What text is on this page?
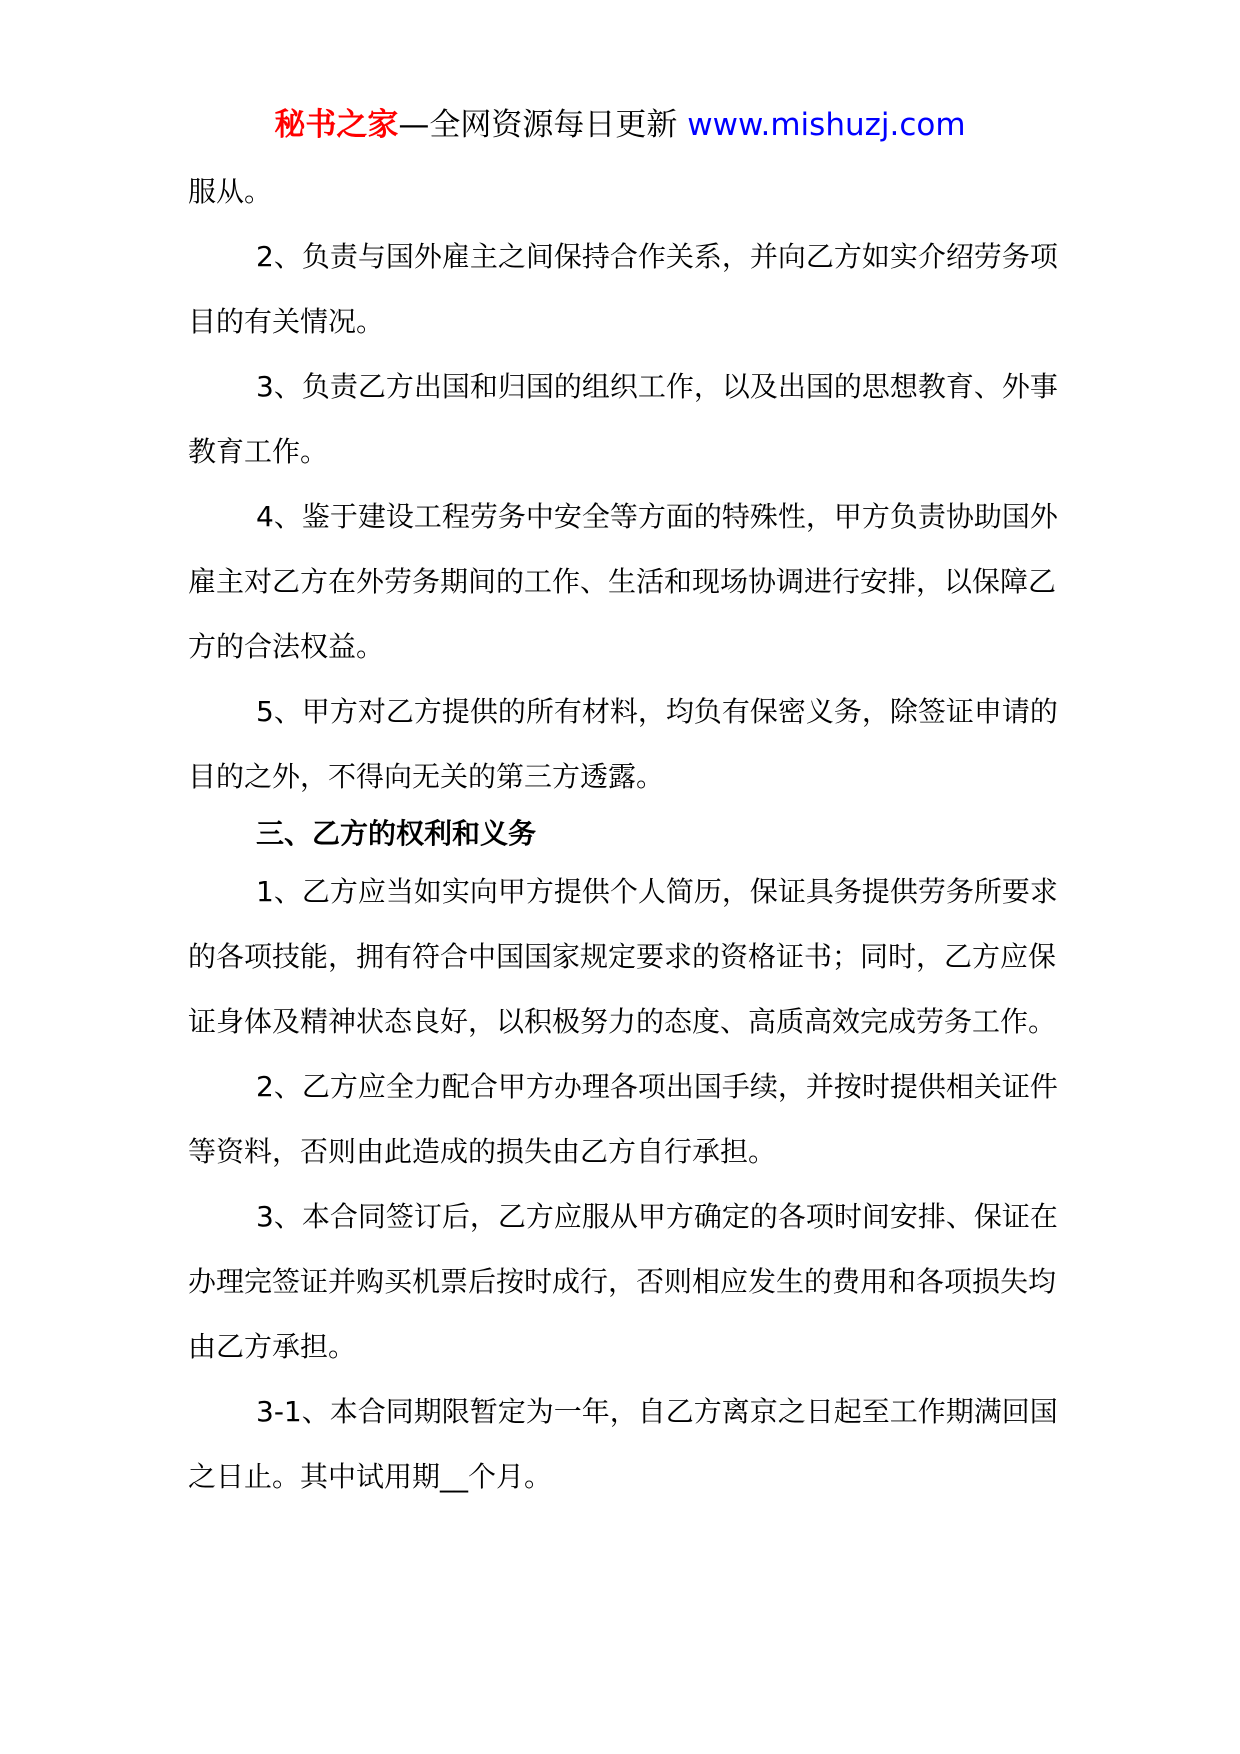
秘书之家—全网资源每日更新 www.mishuzj.com

服从。

2、负责与国外雇主之间保持合作关系，并向乙方如实介绍劳务项目的有关情况。

3、负责乙方出国和归国的组织工作，以及出国的思想教育、外事教育工作。

4、鉴于建设工程劳务中安全等方面的特殊性，甲方负责协助国外雇主对乙方在外劳务期间的工作、生活和现场协调进行安排，以保障乙方的合法权益。

5、甲方对乙方提供的所有材料，均负有保密义务，除签证申请的目的之外，不得向无关的第三方透露。

三、乙方的权利和义务

1、乙方应当如实向甲方提供个人简历，保证具务提供劳务所要求的各项技能，拥有符合中国国家规定要求的资格证书；同时，乙方应保证身体及精神状态良好，以积极努力的态度、高质高效完成劳务工作。

2、乙方应全力配合甲方办理各项出国手续，并按时提供相关证件等资料，否则由此造成的损失由乙方自行承担。

3、本合同签订后，乙方应服从甲方确定的各项时间安排、保证在办理完签证并购买机票后按时成行，否则相应发生的费用和各项损失均由乙方承担。

3-1、本合同期限暂定为一年，自乙方离京之日起至工作期满回国之日止。其中试用期__个月。
